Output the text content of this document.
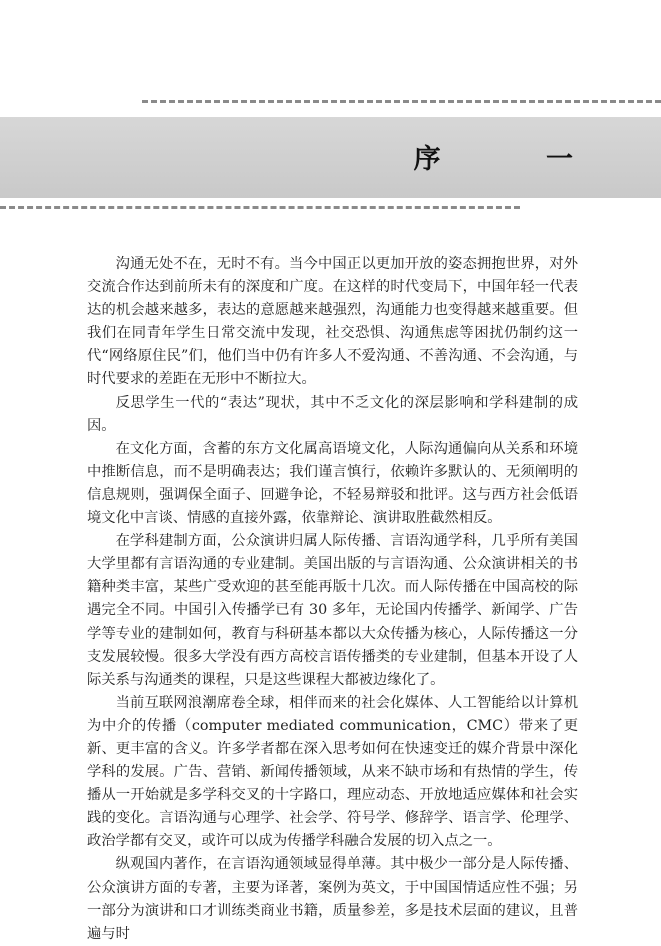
序 一

沟通无处不在，无时不有。当今中国正以更加开放的姿态拥抱世界，对外交流合作达到前所未有的深度和广度。在这样的时代变局下，中国年轻一代表达的机会越来越多，表达的意愿越来越强烈，沟通能力也变得越来越重要。但我们在同青年学生日常交流中发现，社交恐惧、沟通焦虑等困扰仍制约这一代“网络原住民”们，他们当中仍有许多人不爱沟通、不善沟通、不会沟通，与时代要求的差距在无形中不断拉大。

反思学生一代的“表达”现状，其中不乏文化的深层影响和学科建制的成因。

在文化方面，含蓄的东方文化属高语境文化，人际沟通偏向从关系和环境中推断信息，而不是明确表达；我们谨言慎行，依赖许多默认的、无须阐明的信息规则，强调保全面子、回避争论，不轻易辩驳和批评。这与西方社会低语境文化中言谈、情感的直接外露，依靠辩论、演讲取胜截然相反。

在学科建制方面，公众演讲归属人际传播、言语沟通学科，几乎所有美国大学里都有言语沟通的专业建制。美国出版的与言语沟通、公众演讲相关的书籍种类丰富，某些广受欢迎的甚至能再版十几次。而人际传播在中国高校的际遇完全不同。中国引入传播学已有 30 多年，无论国内传播学、新闻学、广告学等专业的建制如何，教育与科研基本都以大众传播为核心，人际传播这一分支发展较慢。很多大学没有西方高校言语传播类的专业建制，但基本开设了人际关系与沟通类的课程，只是这些课程大都被边缘化了。

当前互联网浪潮席卷全球，相伴而来的社会化媒体、人工智能给以计算机为中介的传播（computer mediated communication，CMC）带来了更新、更丰富的含义。许多学者都在深入思考如何在快速变迁的媒介背景中深化学科的发展。广告、营销、新闻传播领域，从来不缺市场和有热情的学生，传播从一开始就是多学科交叉的十字路口，理应动态、开放地适应媒体和社会实践的变化。言语沟通与心理学、社会学、符号学、修辞学、语言学、伦理学、政治学都有交叉，或许可以成为传播学科融合发展的切入点之一。

纵观国内著作，在言语沟通领域显得单薄。其中极少一部分是人际传播、公众演讲方面的专著，主要为译著，案例为英文，于中国国情适应性不强；另一部分为演讲和口才训练类商业书籍，质量参差，多是技术层面的建议，且普遍与时
